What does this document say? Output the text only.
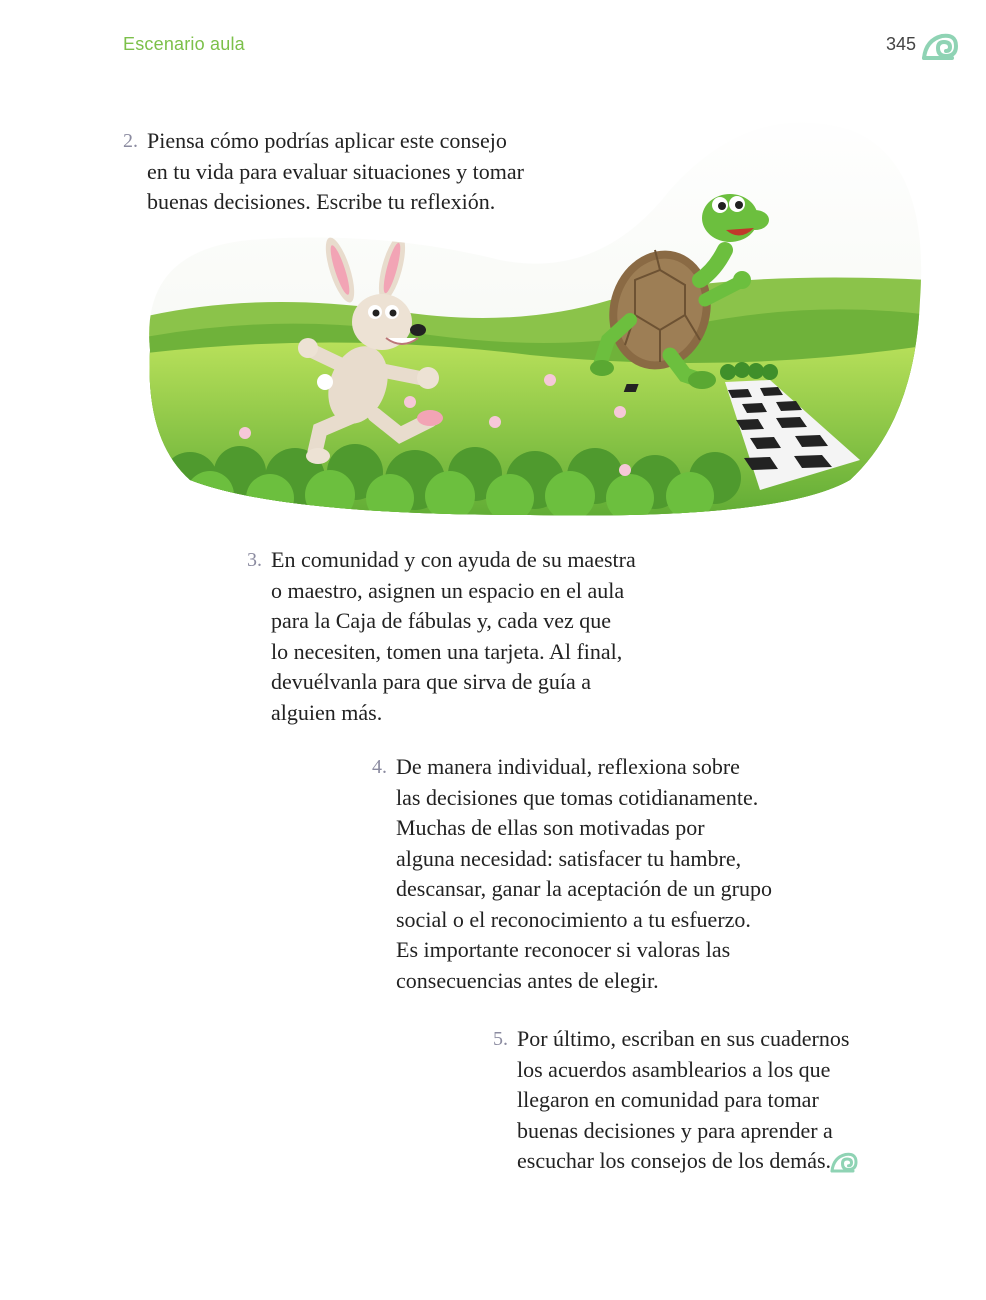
Escenario aula	345
2. Piensa cómo podrías aplicar este consejo
en tu vida para evaluar situaciones y tomar
buenas decisiones. Escribe tu reflexión.
3. En comunidad y con ayuda de su maestra
o maestro, asignen un espacio en el aula
para la Caja de fábulas y, cada vez que
lo necesiten, tomen una tarjeta. Al final,
devuélvanla para que sirva de guía a
alguien más.
4. De manera individual, reflexiona sobre
las decisiones que tomas cotidianamente.
Muchas de ellas son motivadas por
alguna necesidad: satisfacer tu hambre,
descansar, ganar la aceptación de un grupo
social o el reconocimiento a tu esfuerzo.
Es importante reconocer si valoras las
consecuencias antes de elegir.
5. Por último, escriban en sus cuadernos
los acuerdos asamblearios a los que
llegaron en comunidad para tomar
buenas decisiones y para aprender a
escuchar los consejos de los demás.
